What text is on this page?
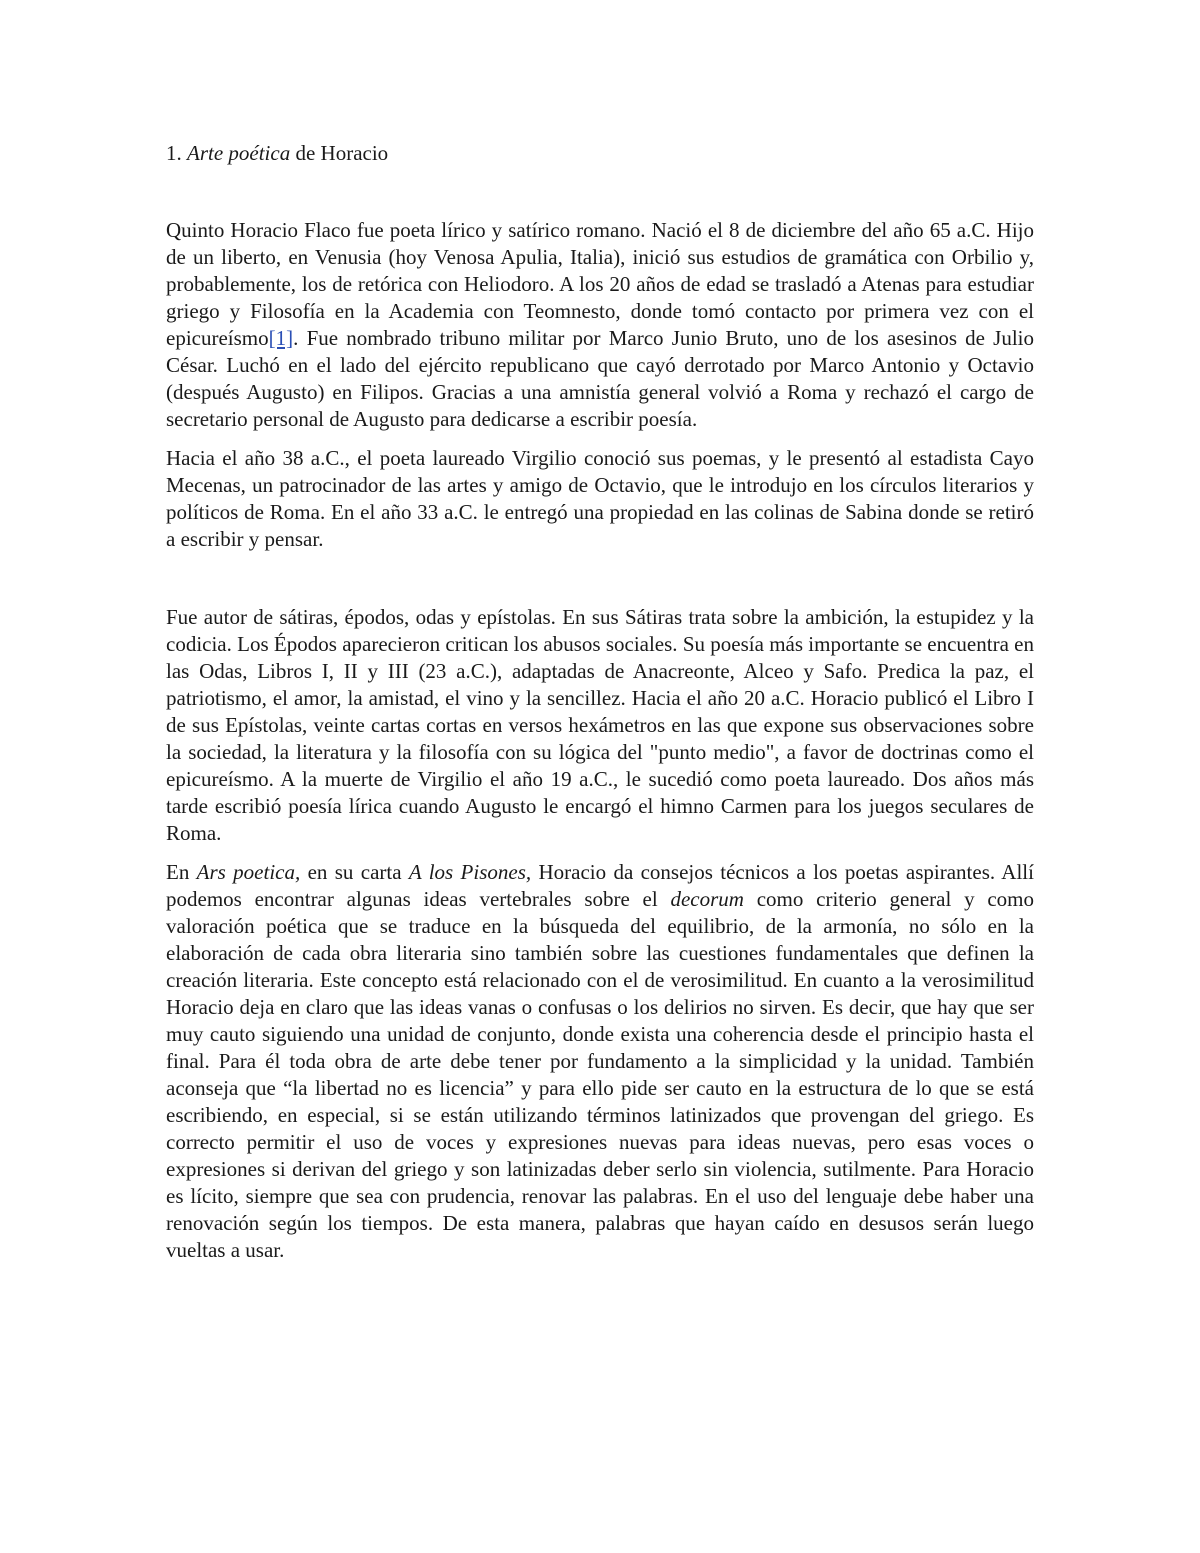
1. Arte poética de Horacio

Quinto Horacio Flaco fue poeta lírico y satírico romano. Nació el 8 de diciembre del año 65 a.C. Hijo de un liberto, en Venusia (hoy Venosa Apulia, Italia), inició sus estudios de gramática con Orbilio y, probablemente, los de retórica con Heliodoro. A los 20 años de edad se trasladó a Atenas para estudiar griego y Filosofía en la Academia con Teomnesto, donde tomó contacto por primera vez con el epicureísmo[1]. Fue nombrado tribuno militar por Marco Junio Bruto, uno de los asesinos de Julio César. Luchó en el lado del ejército republicano que cayó derrotado por Marco Antonio y Octavio (después Augusto) en Filipos. Gracias a una amnistía general volvió a Roma y rechazó el cargo de secretario personal de Augusto para dedicarse a escribir poesía.

Hacia el año 38 a.C., el poeta laureado Virgilio conoció sus poemas, y le presentó al estadista Cayo Mecenas, un patrocinador de las artes y amigo de Octavio, que le introdujo en los círculos literarios y políticos de Roma. En el año 33 a.C. le entregó una propiedad en las colinas de Sabina donde se retiró a escribir y pensar.

Fue autor de sátiras, épodos, odas y epístolas. En sus Sátiras trata sobre la ambición, la estupidez y la codicia. Los Épodos aparecieron critican los abusos sociales. Su poesía más importante se encuentra en las Odas, Libros I, II y III (23 a.C.), adaptadas de Anacreonte, Alceo y Safo. Predica la paz, el patriotismo, el amor, la amistad, el vino y la sencillez. Hacia el año 20 a.C. Horacio publicó el Libro I de sus Epístolas, veinte cartas cortas en versos hexámetros en las que expone sus observaciones sobre la sociedad, la literatura y la filosofía con su lógica del "punto medio", a favor de doctrinas como el epicureísmo. A la muerte de Virgilio el año 19 a.C., le sucedió como poeta laureado. Dos años más tarde escribió poesía lírica cuando Augusto le encargó el himno Carmen para los juegos seculares de Roma.

En Ars poetica, en su carta A los Pisones, Horacio da consejos técnicos a los poetas aspirantes. Allí podemos encontrar algunas ideas vertebrales sobre el decorum como criterio general y como valoración poética que se traduce en la búsqueda del equilibrio, de la armonía, no sólo en la elaboración de cada obra literaria sino también sobre las cuestiones fundamentales que definen la creación literaria. Este concepto está relacionado con el de verosimilitud. En cuanto a la verosimilitud Horacio deja en claro que las ideas vanas o confusas o los delirios no sirven. Es decir, que hay que ser muy cauto siguiendo una unidad de conjunto, donde exista una coherencia desde el principio hasta el final. Para él toda obra de arte debe tener por fundamento a la simplicidad y la unidad. También aconseja que “la libertad no es licencia” y para ello pide ser cauto en la estructura de lo que se está escribiendo, en especial, si se están utilizando términos latinizados que provengan del griego. Es correcto permitir el uso de voces y expresiones nuevas para ideas nuevas, pero esas voces o expresiones si derivan del griego y son latinizadas deber serlo sin violencia, sutilmente. Para Horacio es lícito, siempre que sea con prudencia, renovar las palabras. En el uso del lenguaje debe haber una renovación según los tiempos. De esta manera, palabras que hayan caído en desusos serán luego vueltas a usar.
